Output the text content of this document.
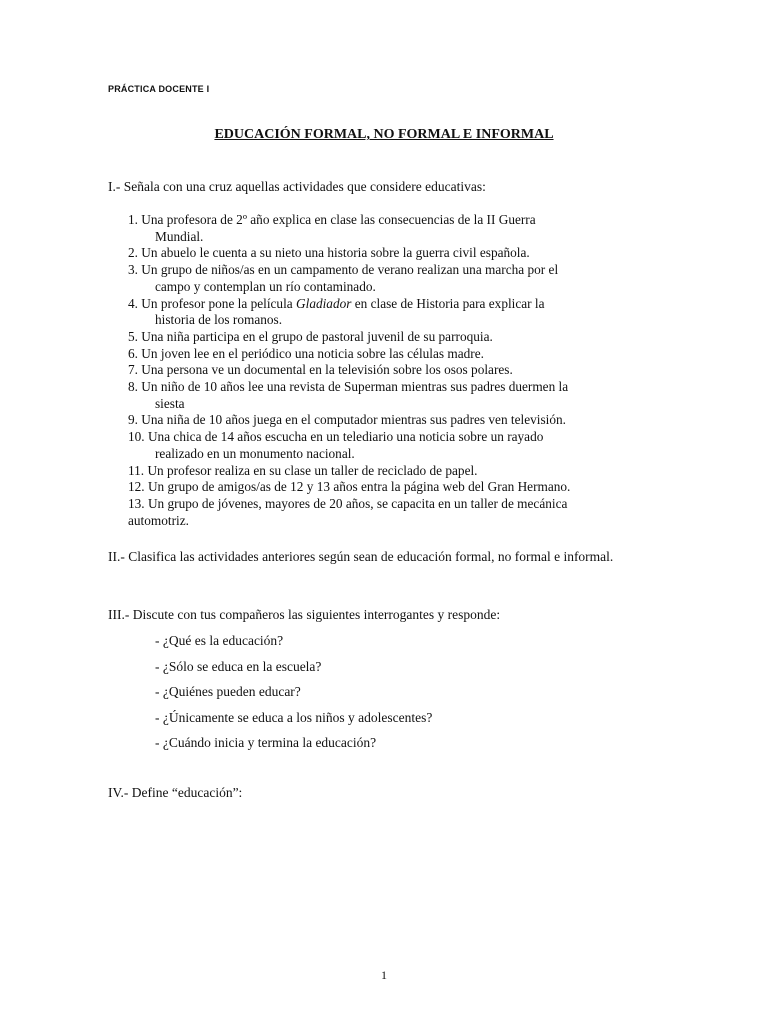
PRÁCTICA DOCENTE I
EDUCACIÓN FORMAL, NO FORMAL E INFORMAL
I.- Señala con una cruz aquellas actividades que considere educativas:
1. Una profesora de 2º año explica en clase las consecuencias de la II Guerra
Mundial.
2. Un abuelo le cuenta a su nieto una historia sobre la guerra civil española.
3. Un grupo de niños/as en un campamento de verano realizan una marcha por el
campo y contemplan un río contaminado.
4. Un profesor pone la película Gladiador en clase de Historia para explicar la
historia de los romanos.
5. Una niña participa en el grupo de pastoral juvenil de su parroquia.
6. Un joven lee en el periódico una noticia sobre las células madre.
7. Una persona ve un documental en la televisión sobre los osos polares.
8. Un niño de 10 años lee una revista de Superman mientras sus padres duermen la
siesta
9. Una niña de 10 años juega en el computador mientras sus padres ven televisión.
10. Una chica de 14 años escucha en un telediario una noticia sobre un rayado
realizado en un monumento nacional.
11. Un profesor realiza en su clase un taller de reciclado de papel.
12. Un grupo de amigos/as de 12 y 13 años entra la página web del Gran Hermano.
13. Un grupo de jóvenes, mayores de 20 años, se capacita en un taller de mecánica
automotriz.
II.- Clasifica las actividades anteriores según sean de educación formal, no formal e informal.
III.- Discute con tus compañeros las siguientes interrogantes y responde:
- ¿Qué es la educación?
- ¿Sólo se educa en la escuela?
- ¿Quiénes pueden educar?
- ¿Únicamente se educa a los niños y adolescentes?
- ¿Cuándo inicia y termina la educación?
IV.- Define “educación”:
1
